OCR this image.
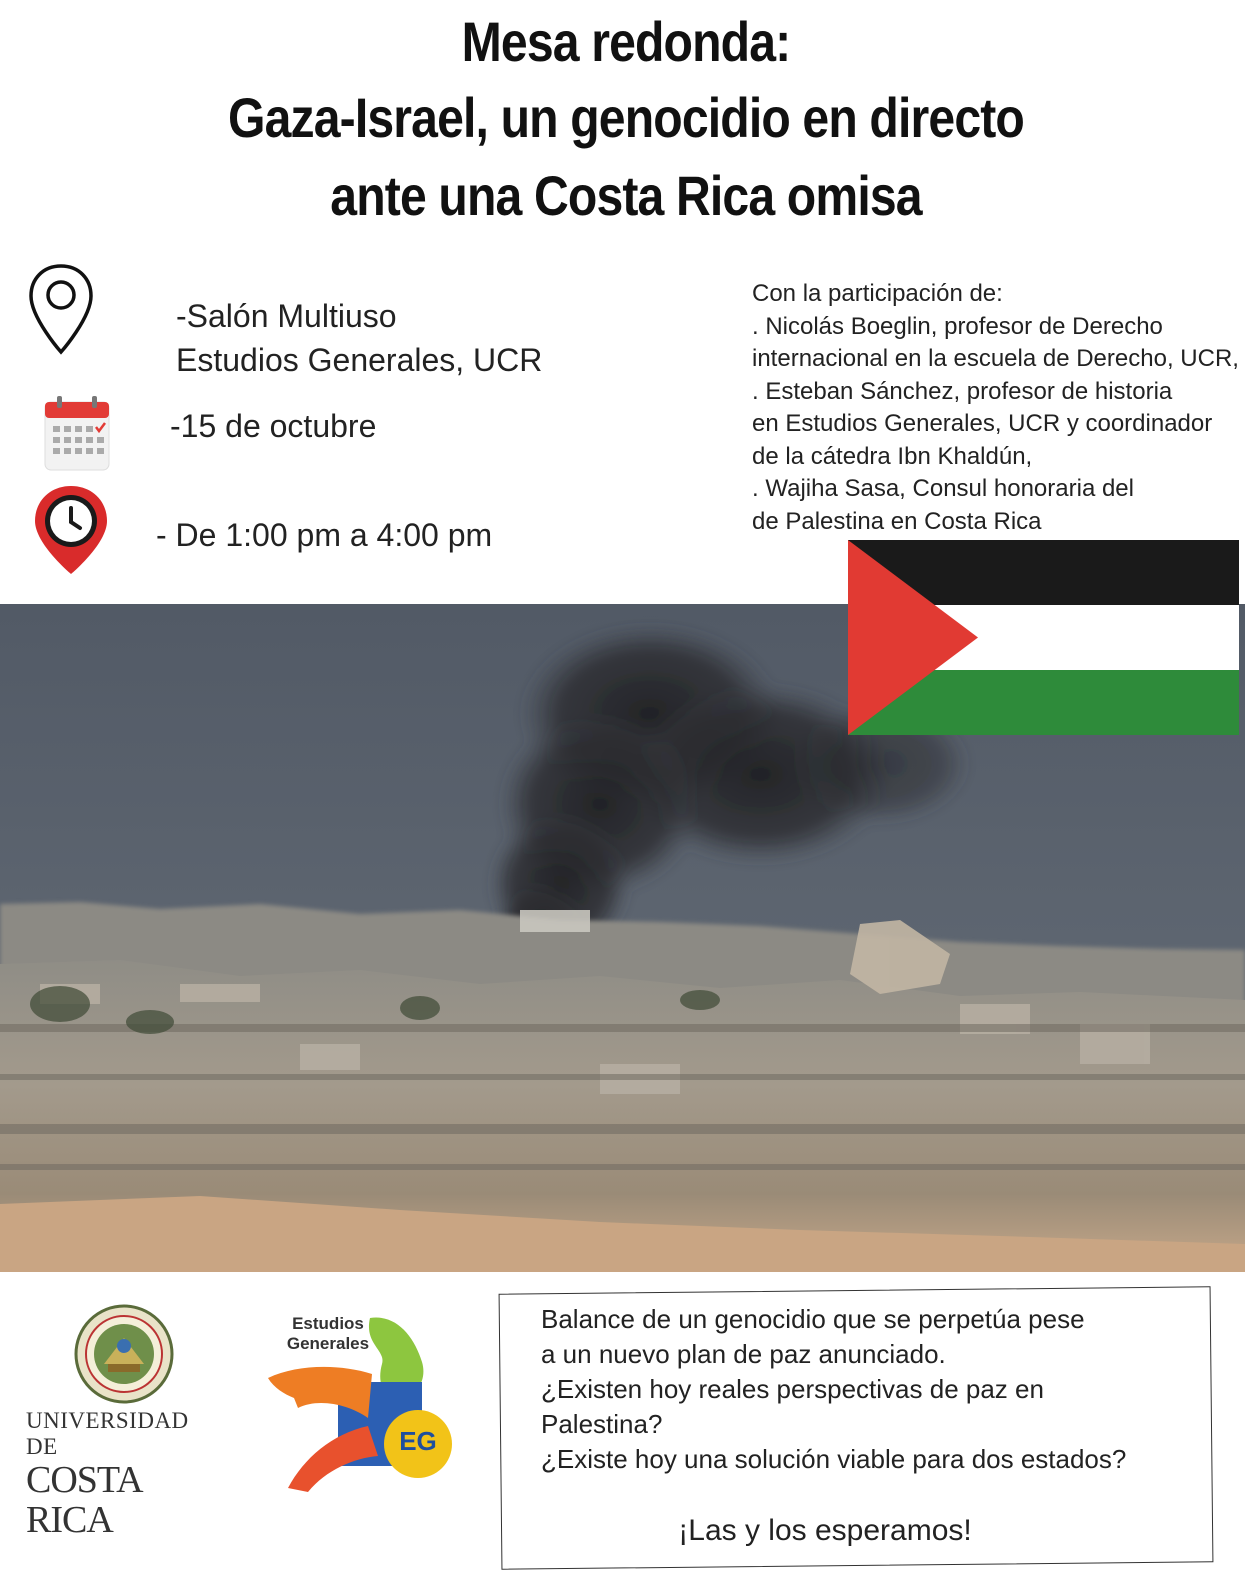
Mesa redonda:
Gaza-Israel, un genocidio en directo
ante una Costa Rica omisa
-Salón Multiuso
Estudios Generales, UCR
-15 de octubre
- De 1:00 pm a 4:00 pm
Con la participación de:
. Nicolás Boeglin, profesor de Derecho
internacional en la escuela de Derecho, UCR,
. Esteban Sánchez, profesor de historia
en Estudios Generales, UCR y coordinador
de la cátedra Ibn Khaldún,
. Wajiha Sasa, Consul honoraria del
de Palestina en Costa Rica
UNIVERSIDAD DE
COSTA RICA
Estudios
Generales
EG
Balance de un genocidio que se perpetúa pese
a un nuevo plan de paz anunciado.
¿Existen hoy reales perspectivas de paz en
Palestina?
¿Existe hoy una solución viable para dos estados?
¡Las y los esperamos!
